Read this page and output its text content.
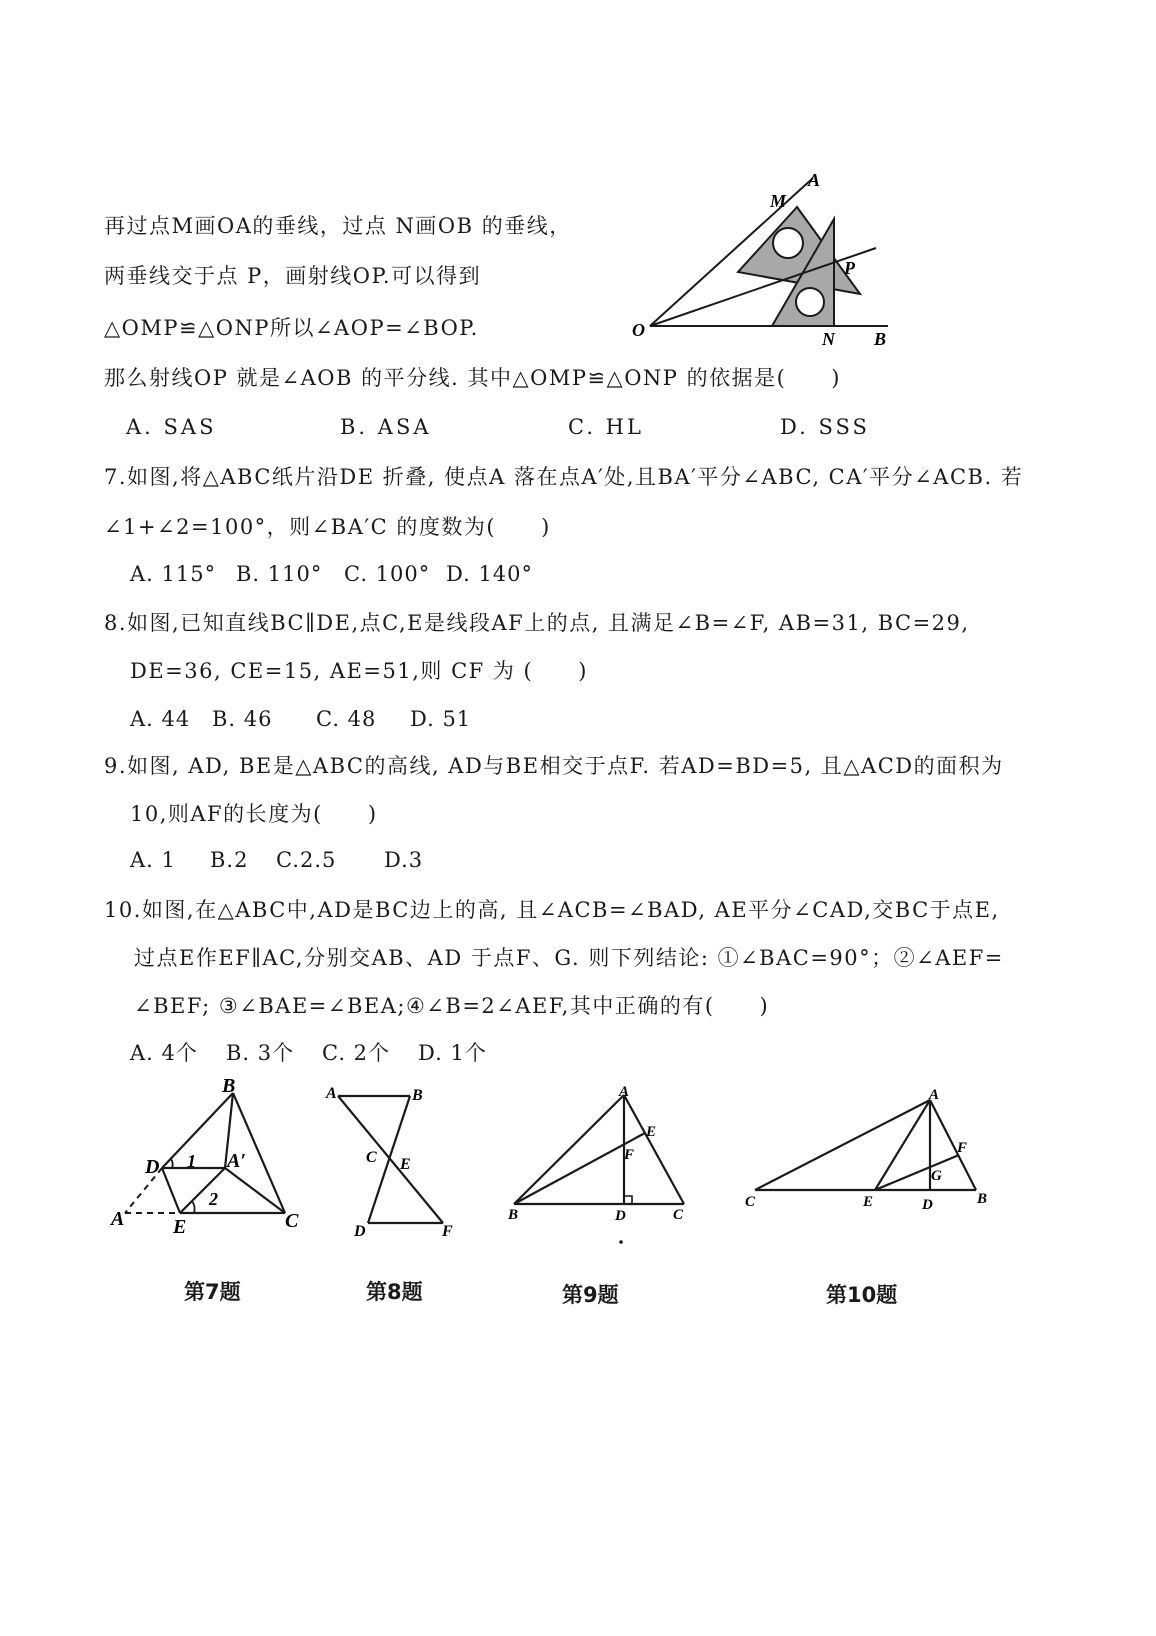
再过点M画OA的垂线，过点 N画OB 的垂线，
两垂线交于点 P，画射线OP.可以得到
△OMP≌△ONP所以∠AOP=∠BOP.
那么射线OP 就是∠AOB 的平分线. 其中△OMP≌△ONP 的依据是(　　)
A. SAS	B. ASA	C. HL	D. SSS
A
M
P
O	N B
7.如图,将△ABC纸片沿DE 折叠, 使点A 落在点A′处,且BA′平分∠ABC, CA′平分∠ACB. 若
∠1+∠2=100°，则∠BA′C 的度数为(　　)
A. 115° B. 110° C. 100° D. 140°
8.如图,已知直线BC∥DE,点C,E是线段AF上的点, 且满足∠B=∠F, AB=31, BC=29,
DE=36, CE=15, AE=51,则 CF 为 (　　)
A. 44 B. 46 C. 48 D. 51
9.如图, AD, BE是△ABC的高线, AD与BE相交于点F. 若AD=BD=5, 且△ACD的面积为
10,则AF的长度为(　　)
A. 1 B.2 C.2.5 D.3
10.如图,在△ABC中,AD是BC边上的高, 且∠ACB=∠BAD, AE平分∠CAD,交BC于点E,
过点E作EF∥AC,分别交AB、AD 于点F、G. 则下列结论: ①∠BAC=90°；②∠AEF=
∠BEF; ③∠BAE=∠BEA;④∠B=2∠AEF,其中正确的有(　　)
A. 4个 B. 3个 C. 2个 D. 1个
B
D 1 A′
2
A E	C
第7题
A	B
C E
D	F
第8题
A
E
F
B	D	C
第9题
A
F
G
C	E	D	B
第10题
